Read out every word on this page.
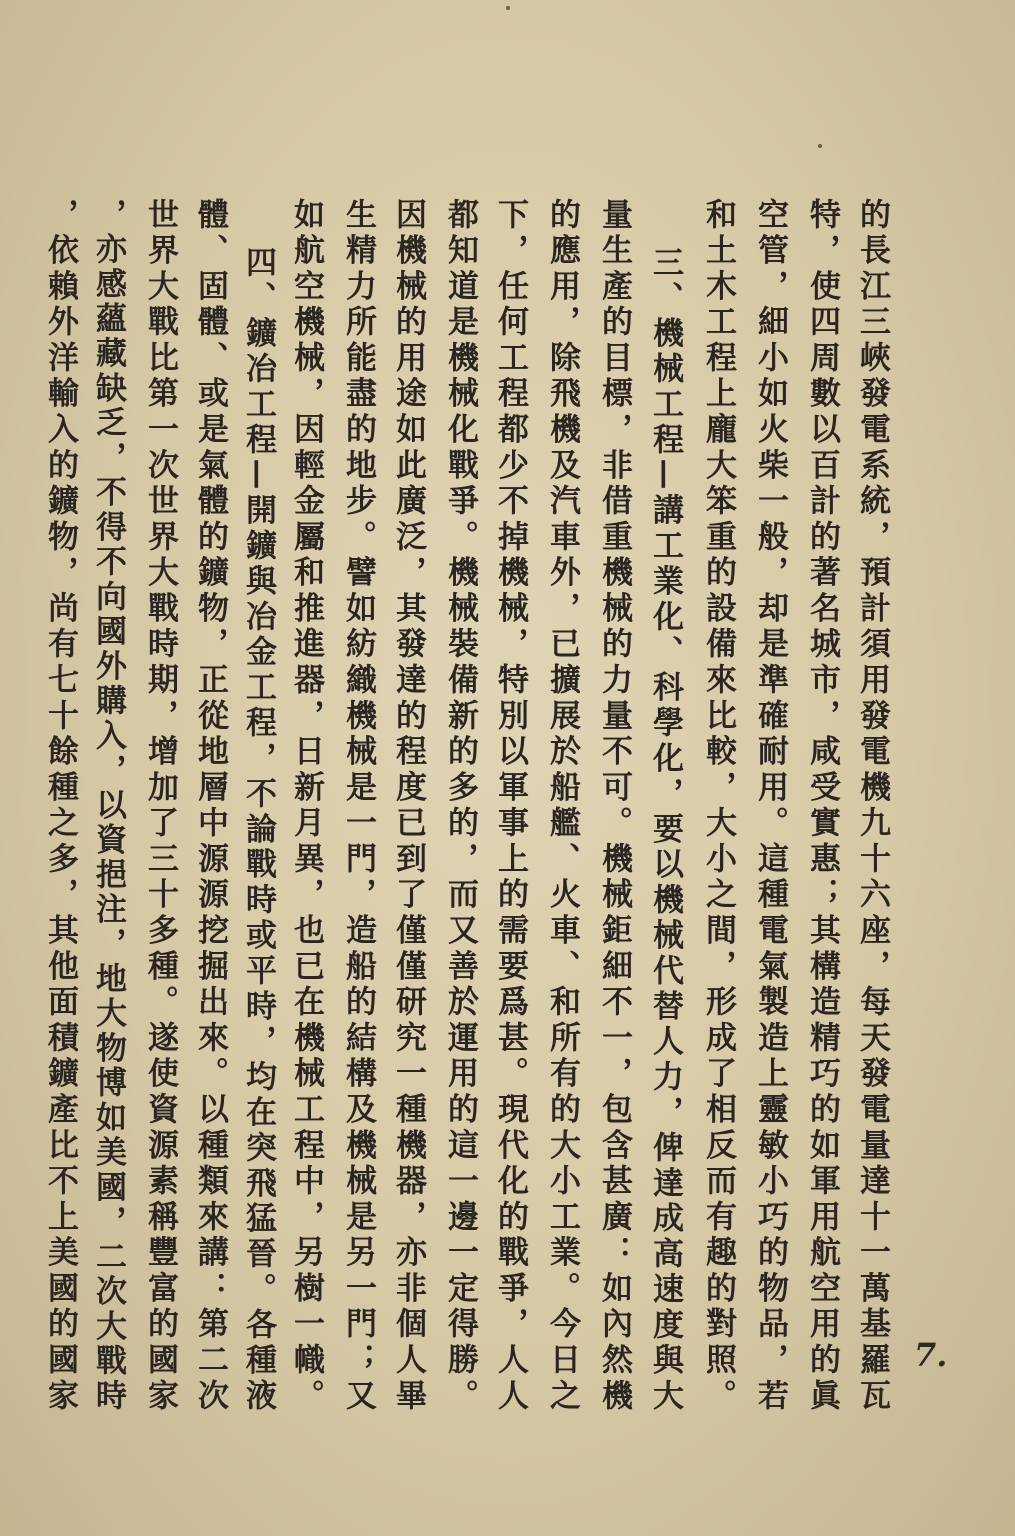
的長江三峽發電系統，預計須用發電機九十六座，每天發電量達十一萬基羅瓦
特，使四周數以百計的著名城市，咸受實惠；其構造精巧的如軍用航空用的眞
空管，細小如火柴一般，却是準確耐用。這種電氣製造上靈敏小巧的物品，若
和土木工程上龐大笨重的設備來比較，大小之間，形成了相反而有趣的對照。
三、機械工程—講工業化、科學化，要以機械代替人力，俾達成高速度與大
量生產的目標，非借重機械的力量不可。機械鉅細不一，包含甚廣：如內然機
的應用，除飛機及汽車外，已擴展於船艦、火車、和所有的大小工業。今日之
下，任何工程都少不掉機械，特別以軍事上的需要爲甚。現代化的戰爭，人人
都知道是機械化戰爭。機械裝備新的多的，而又善於運用的這一邊一定得勝。
因機械的用途如此廣泛，其發達的程度已到了僅僅研究一種機器，亦非個人畢
生精力所能盡的地步。譬如紡織機械是一門，造船的結構及機械是另一門；又
如航空機械，因輕金屬和推進器，日新月異，也已在機械工程中，另樹一幟。
四、鑛冶工程—開鑛與冶金工程，不論戰時或平時，均在突飛猛晉。各種液
體、固體、或是氣體的鑛物，正從地層中源源挖掘出來。以種類來講：第二次
世界大戰比第一次世界大戰時期，增加了三十多種。遂使資源素稱豐富的國家
，亦感蘊藏缺乏，不得不向國外購入，以資挹注，地大物博如美國，二次大戰時
，依賴外洋輸入的鑛物，尚有七十餘種之多，其他面積鑛產比不上美國的國家	7.
